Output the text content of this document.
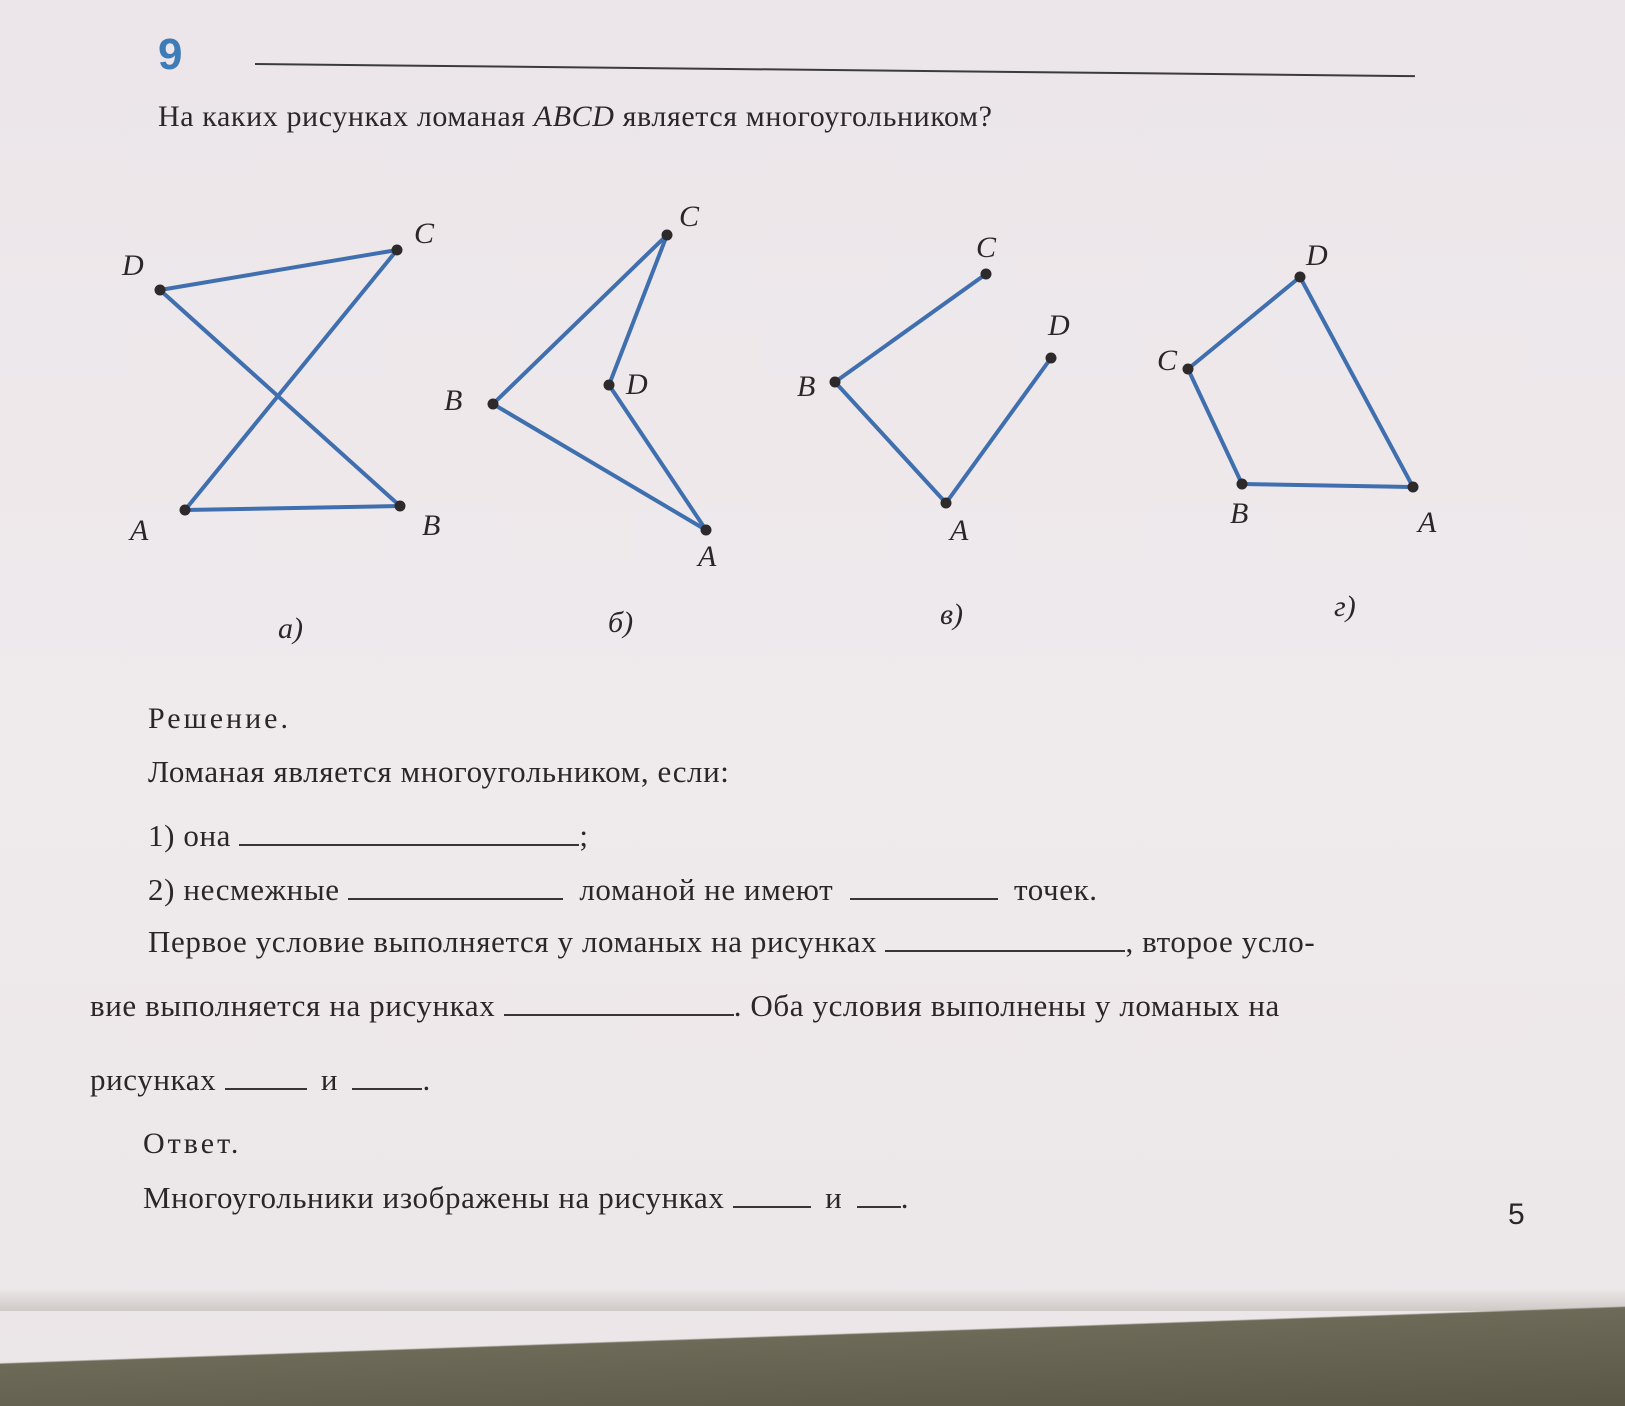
9
На каких рисунках ломаная ABCD является многоугольником?
D
C
A	B
C
B	D
A
C
D
B
A
D
C
B	A
а)	б)	в)	г)
Решение.
Ломаная является многоугольником, если:
1) она	;
2) несмежные	ломаной не имеют	точек.
Первое условие выполняется у ломаных на рисунках	, второе усло-
вие выполняется на рисунках	. Оба условия выполнены у ломаных на
рисунках	и	.
Ответ.
Многоугольники изображены на рисунках	и .	5
